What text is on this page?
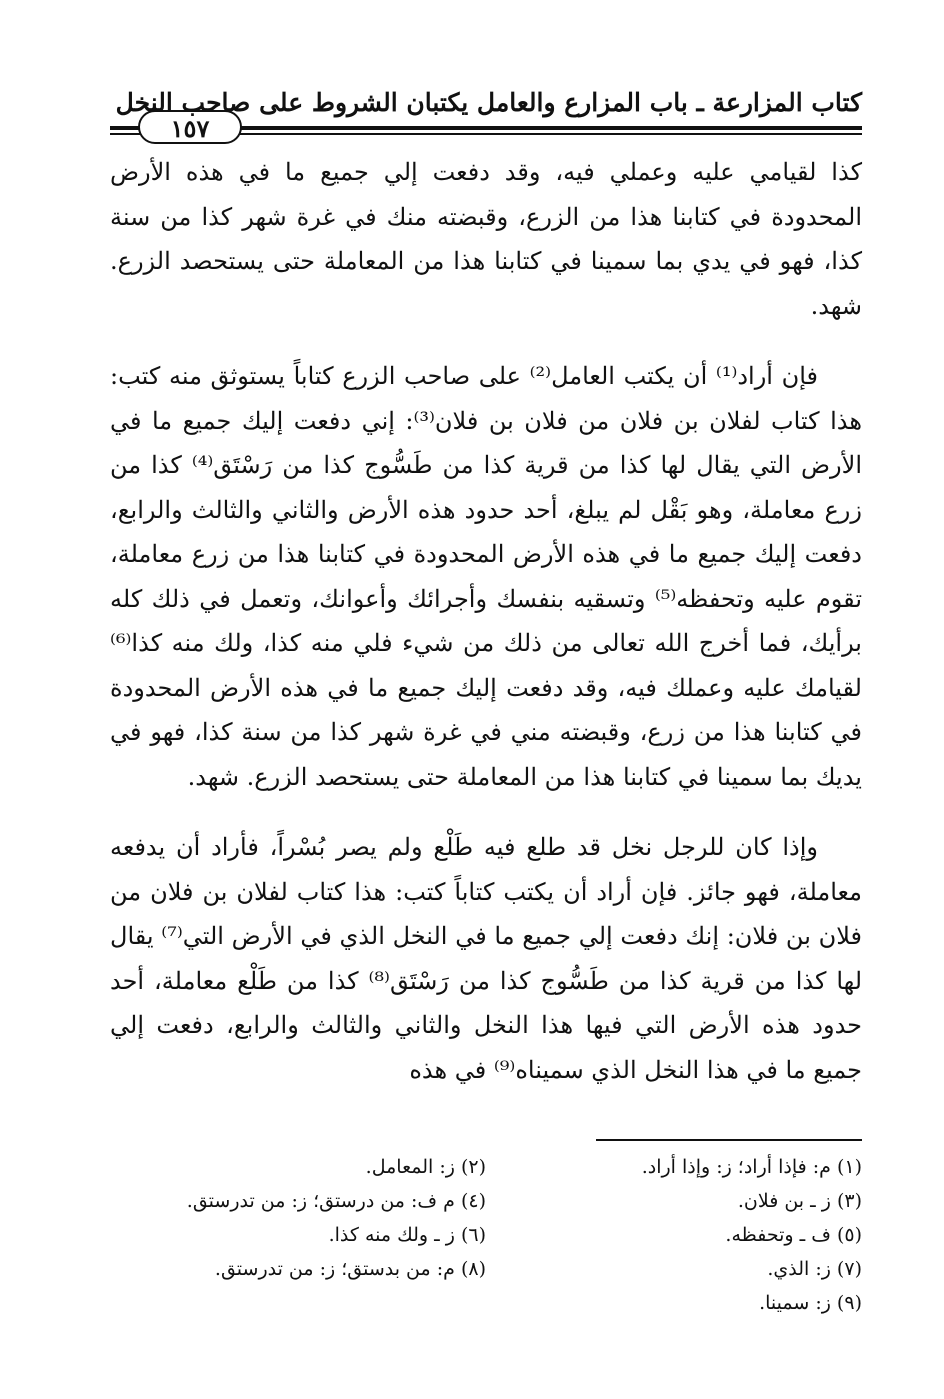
١٥٧
كتاب المزارعة ـ باب المزارع والعامل يكتبان الشروط على صاحب النخل

كذا لقيامي عليه وعملي فيه، وقد دفعت إلي جميع ما في هذه الأرض المحدودة في كتابنا هذا من الزرع، وقبضته منك في غرة شهر كذا من سنة كذا، فهو في يدي بما سمينا في كتابنا هذا من المعاملة حتى يستحصد الزرع. شهد.

فإن أراد⁽¹⁾ أن يكتب العامل⁽²⁾ على صاحب الزرع كتاباً يستوثق منه كتب: هذا كتاب لفلان بن فلان من فلان بن فلان⁽³⁾: إني دفعت إليك جميع ما في الأرض التي يقال لها كذا من قرية كذا من طَسُّوج كذا من رَسْتَق⁽⁴⁾ كذا من زرع معاملة، وهو بَقْل لم يبلغ، أحد حدود هذه الأرض والثاني والثالث والرابع، دفعت إليك جميع ما في هذه الأرض المحدودة في كتابنا هذا من زرع معاملة، تقوم عليه وتحفظه⁽⁵⁾ وتسقيه بنفسك وأجرائك وأعوانك، وتعمل في ذلك كله برأيك، فما أخرج الله تعالى من ذلك من شيء فلي منه كذا، ولك منه كذا⁽⁶⁾ لقيامك عليه وعملك فيه، وقد دفعت إليك جميع ما في هذه الأرض المحدودة في كتابنا هذا من زرع، وقبضته مني في غرة شهر كذا من سنة كذا، فهو في يديك بما سمينا في كتابنا هذا من المعاملة حتى يستحصد الزرع. شهد.

وإذا كان للرجل نخل قد طلع فيه طَلْع ولم يصر بُسْراً، فأراد أن يدفعه معاملة، فهو جائز. فإن أراد أن يكتب كتاباً كتب: هذا كتاب لفلان بن فلان من فلان بن فلان: إنك دفعت إلي جميع ما في النخل الذي في الأرض التي⁽⁷⁾ يقال لها كذا من قرية كذا من طَسُّوج كذا من رَسْتَق⁽⁸⁾ كذا من طَلْع معاملة، أحد حدود هذه الأرض التي فيها هذا النخل والثاني والثالث والرابع، دفعت إلي جميع ما في هذا النخل الذي سميناه⁽⁹⁾ في هذه

(١) م: فإذا أراد؛ ز: وإذا أراد.
(٢) ز: المعامل.
(٣) ز ـ بن فلان.
(٤) م ف: من درستق؛ ز: من تدرستق.
(٥) ف ـ وتحفظه.
(٦) ز ـ ولك منه كذا.
(٧) ز: الذي.
(٨) م: من بدستق؛ ز: من تدرستق.
(٩) ز: سمينا.
